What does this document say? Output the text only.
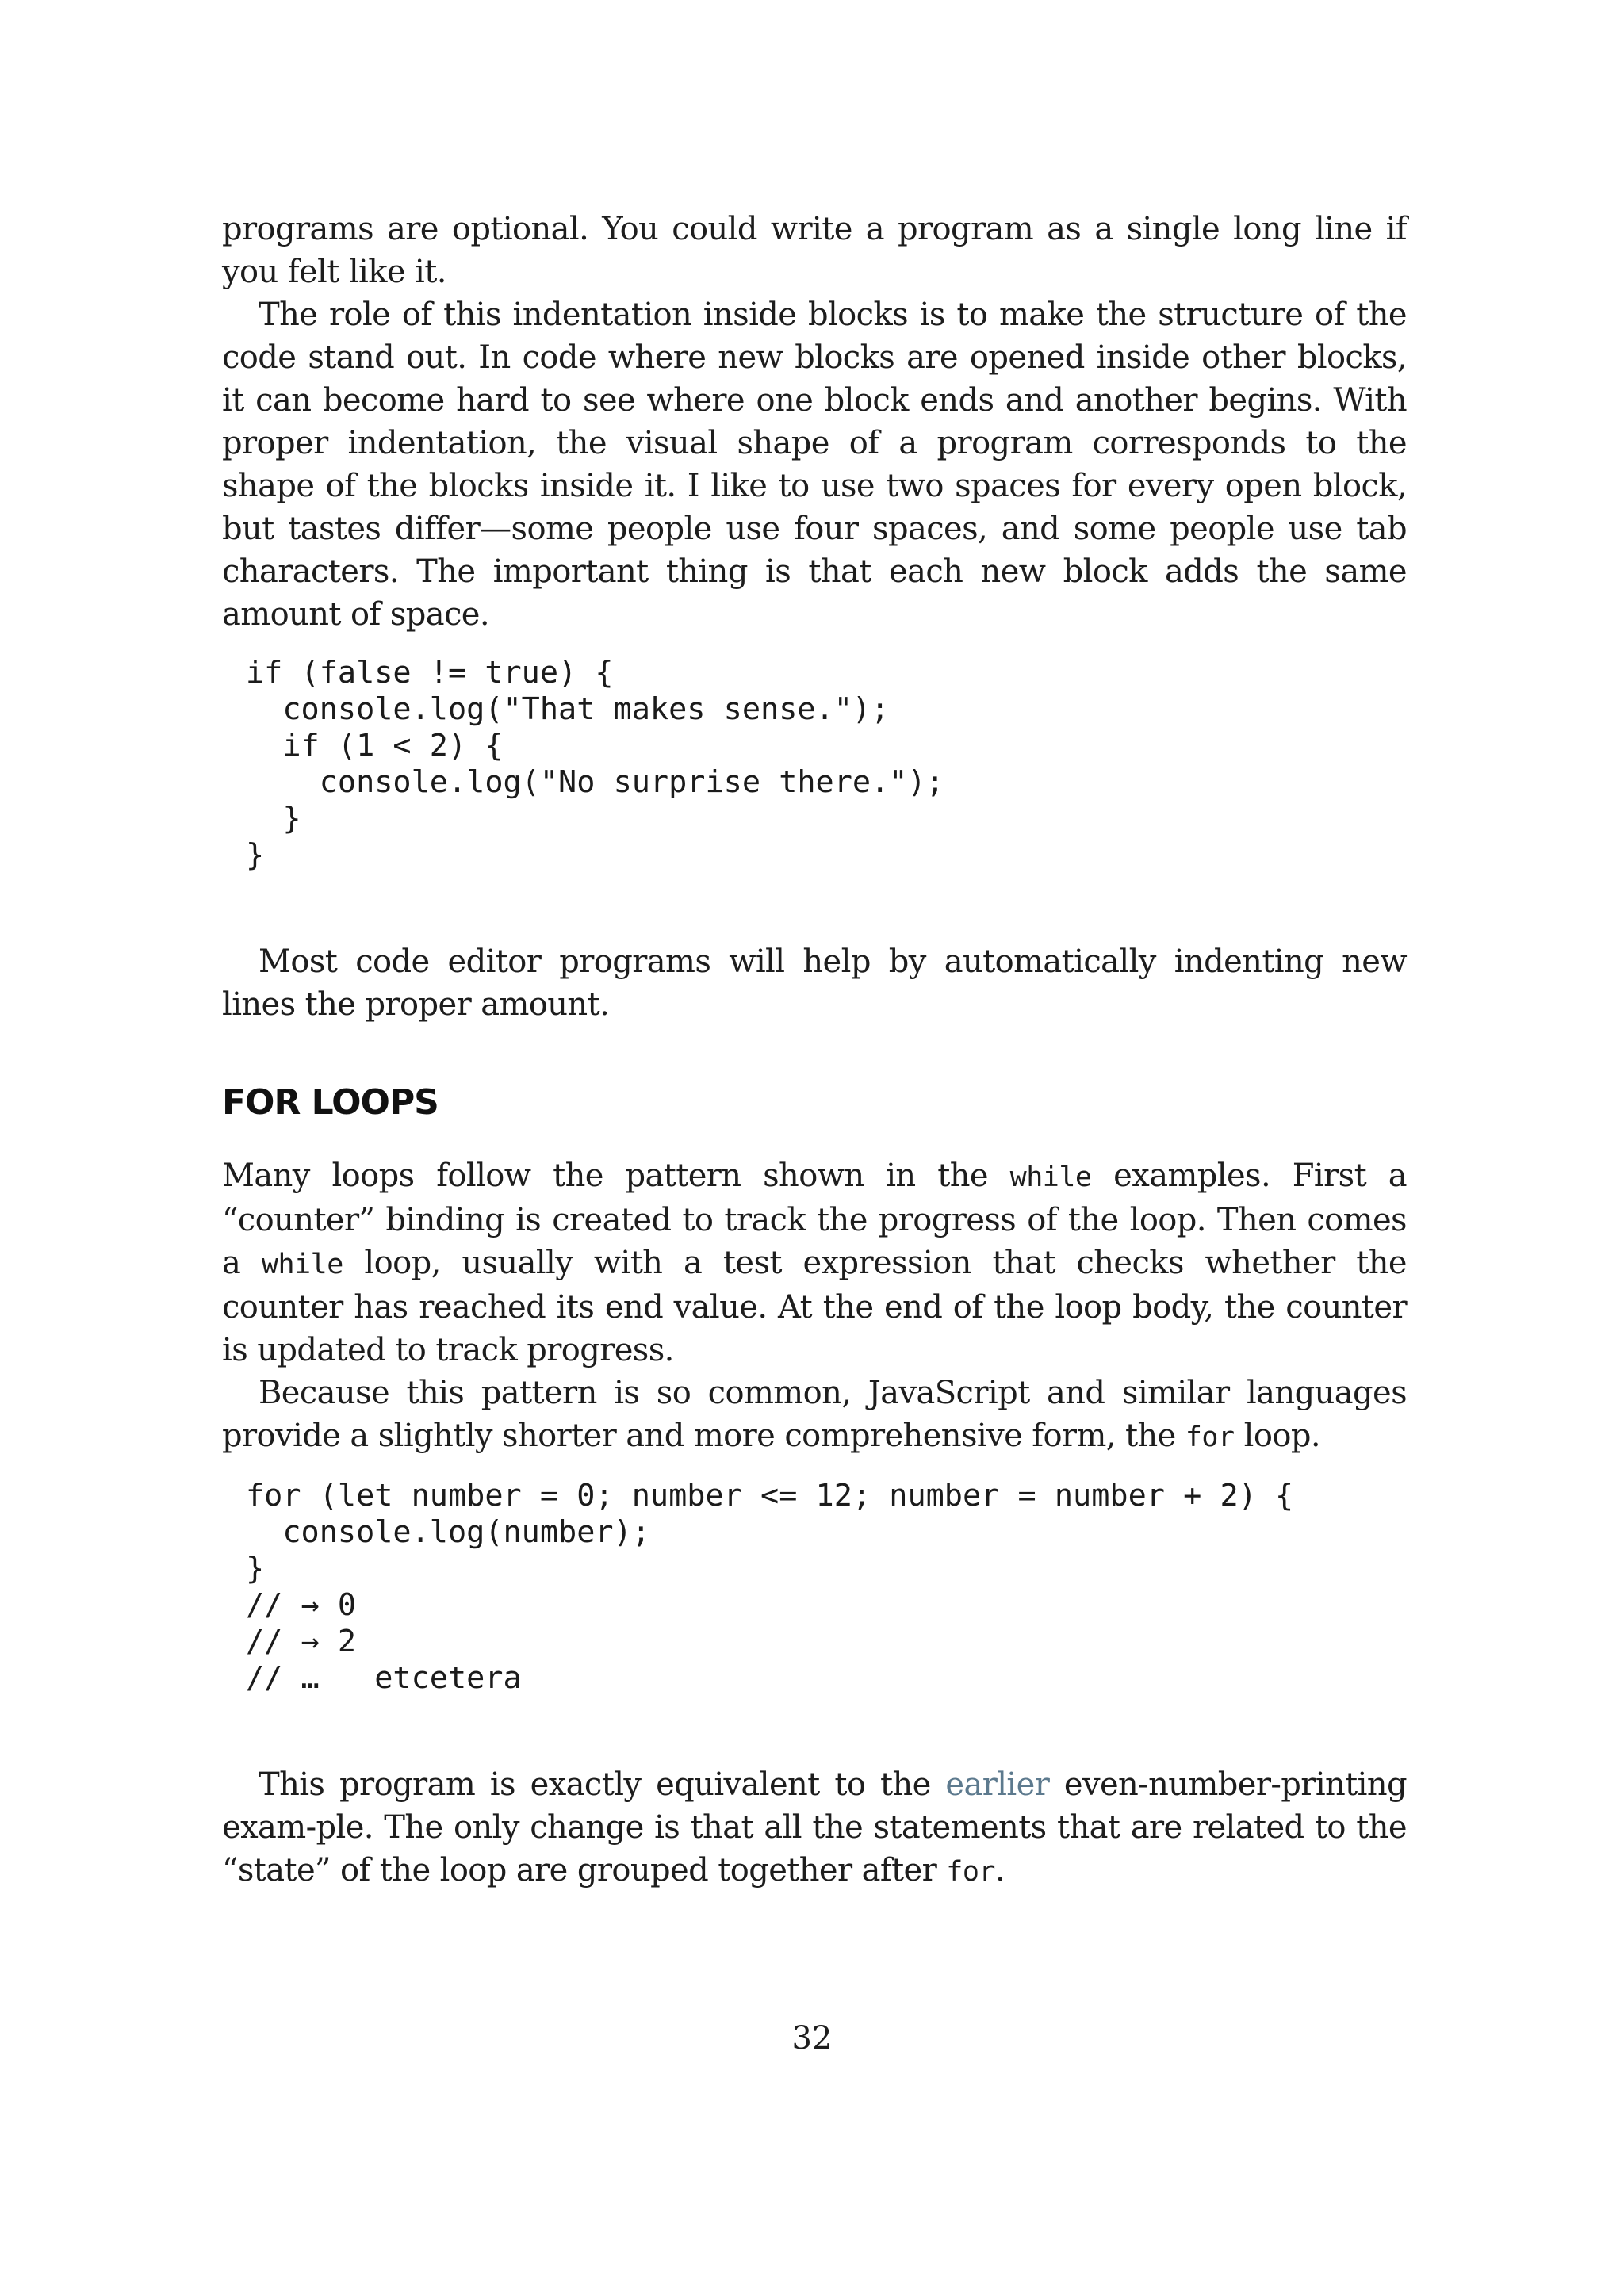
programs are optional. You could write a program as a single long line if you felt like it.

The role of this indentation inside blocks is to make the structure of the code stand out. In code where new blocks are opened inside other blocks, it can become hard to see where one block ends and another begins. With proper indentation, the visual shape of a program corresponds to the shape of the blocks inside it. I like to use two spaces for every open block, but tastes differ—some people use four spaces, and some people use tab characters. The important thing is that each new block adds the same amount of space.

if (false != true) {
console.log("That makes sense.");
if (1 < 2) {
console.log("No surprise there.");
}
}

Most code editor programs will help by automatically indenting new lines the proper amount.

FOR LOOPS

Many loops follow the pattern shown in the while examples. First a “counter” binding is created to track the progress of the loop. Then comes a while loop, usually with a test expression that checks whether the counter has reached its end value. At the end of the loop body, the counter is updated to track progress.

Because this pattern is so common, JavaScript and similar languages provide a slightly shorter and more comprehensive form, the for loop.

for (let number = 0; number <= 12; number = number + 2) {
console.log(number);
}
// → 0
// → 2
// …   etcetera

This program is exactly equivalent to the earlier even-number-printing exam-ple. The only change is that all the statements that are related to the “state” of the loop are grouped together after for.

32
